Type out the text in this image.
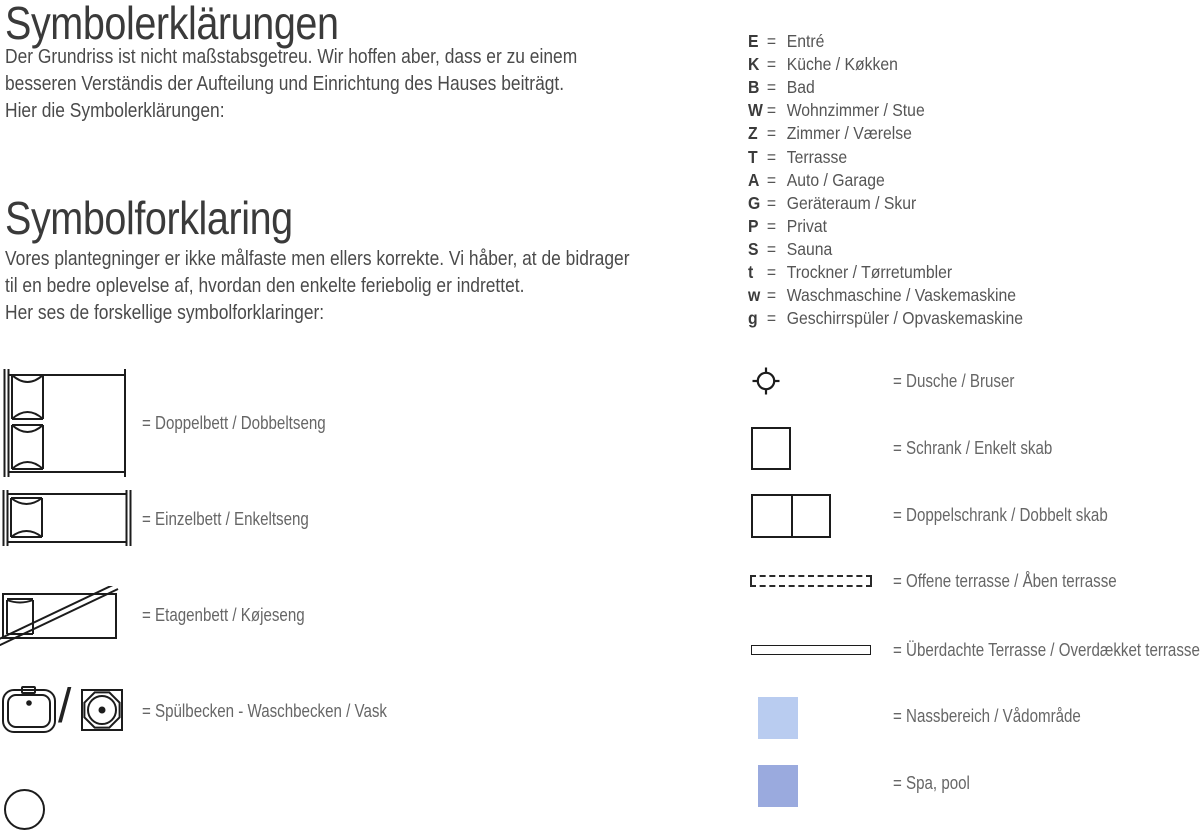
Symbolerklärungen
Der Grundriss ist nicht maßstabsgetreu. Wir hoffen aber, dass er zu einem
besseren Verständis der Aufteilung und Einrichtung des Hauses beiträgt.
Hier die Symbolerklärungen:
Symbolforklaring
Vores plantegninger er ikke målfaste men ellers korrekte. Vi håber, at de bidrager
til en bedre oplevelse af, hvordan den enkelte feriebolig er indrettet.
Her ses de forskellige symbolforklaringer:
E = Entré
K = Küche / Køkken
B = Bad
W = Wohnzimmer / Stue
Z = Zimmer / Værelse
T = Terrasse
A = Auto / Garage
G = Geräteraum / Skur
P = Privat
S = Sauna
t = Trockner / Tørretumbler
w = Waschmaschine / Vaskemaskine
g = Geschirrspüler / Opvaskemaskine
= Doppelbett / Dobbeltseng
= Einzelbett / Enkeltseng
= Etagenbett / Køjeseng
/	= Spülbecken - Waschbecken / Vask
= Dusche / Bruser
= Schrank / Enkelt skab
= Doppelschrank / Dobbelt skab
= Offene terrasse / Åben terrasse
= Überdachte Terrasse / Overdækket terrasse
= Nassbereich / Vådområde
= Spa, pool
